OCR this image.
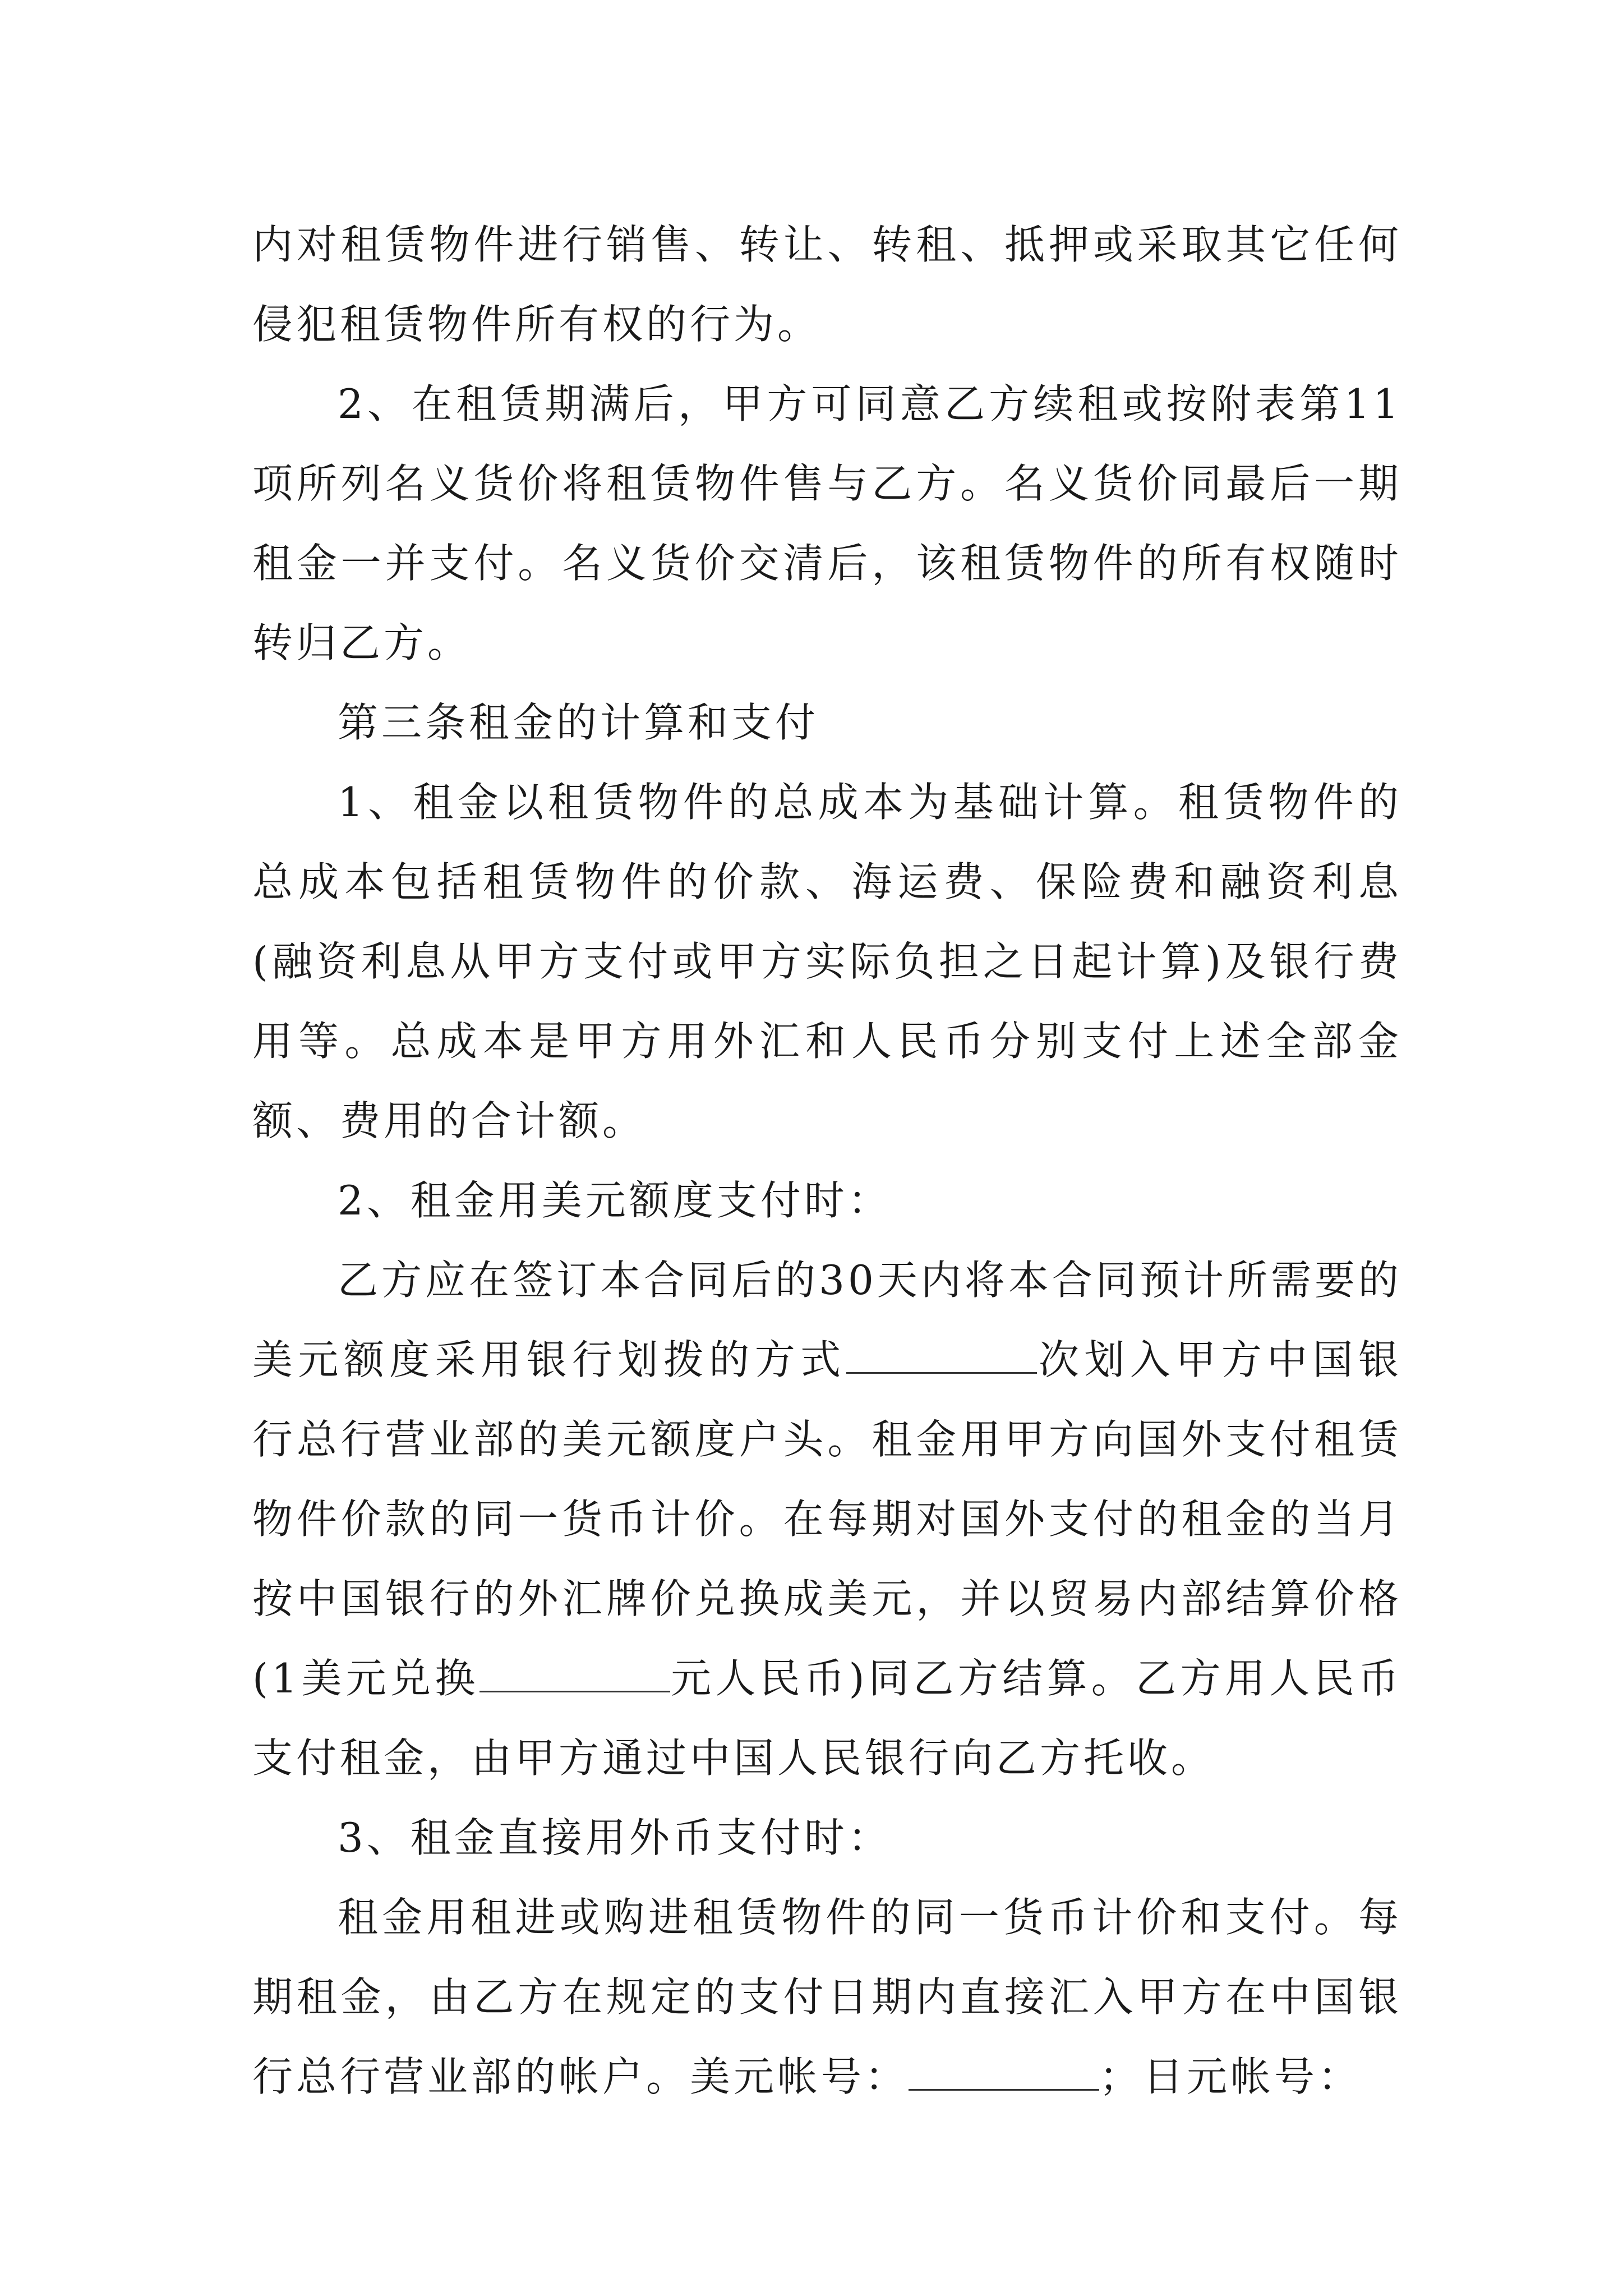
内对租赁物件进行销售、转让、转租、抵押或采取其它任何侵犯租赁物件所有权的行为。

2、在租赁期满后，甲方可同意乙方续租或按附表第11项所列名义货价将租赁物件售与乙方。名义货价同最后一期租金一并支付。名义货价交清后，该租赁物件的所有权随时转归乙方。

第三条租金的计算和支付

1、租金以租赁物件的总成本为基础计算。租赁物件的总成本包括租赁物件的价款、海运费、保险费和融资利息(融资利息从甲方支付或甲方实际负担之日起计算)及银行费用等。总成本是甲方用外汇和人民币分别支付上述全部金额、费用的合计额。

2、租金用美元额度支付时：

乙方应在签订本合同后的30天内将本合同预计所需要的美元额度采用银行划拨的方式	次划入甲方中国银行总行营业部的美元额度户头。租金用甲方向国外支付租赁物件价款的同一货币计价。在每期对国外支付的租金的当月按中国银行的外汇牌价兑换成美元，并以贸易内部结算价格(1美元兑换	元人民币)同乙方结算。乙方用人民币支付租金，由甲方通过中国人民银行向乙方托收。

3、租金直接用外币支付时：

租金用租进或购进租赁物件的同一货币计价和支付。每期租金，由乙方在规定的支付日期内直接汇入甲方在中国银行总行营业部的帐户。美元帐号：	；日元帐号：
